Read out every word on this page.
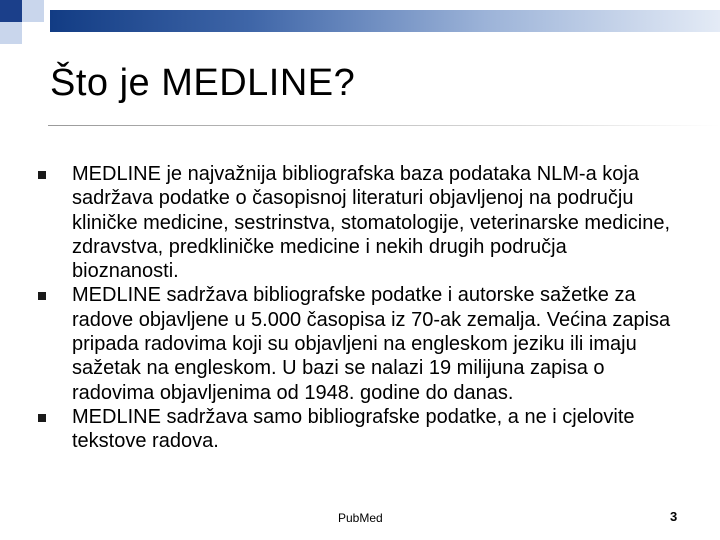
Što je MEDLINE?
MEDLINE je najvažnija bibliografska baza podataka NLM-a koja sadržava podatke o časopisnoj literaturi objavljenoj na području kliničke medicine, sestrinstva, stomatologije, veterinarske medicine, zdravstva, predkliničke medicine i nekih drugih područja bioznanosti.
MEDLINE sadržava bibliografske podatke i autorske sažetke za radove objavljene u 5.000 časopisa iz 70-ak zemalja. Većina zapisa pripada radovima koji su objavljeni na engleskom jeziku ili imaju sažetak na engleskom. U bazi se nalazi 19 milijuna zapisa o radovima objavljenima od 1948. godine do danas.
MEDLINE sadržava samo bibliografske podatke, a ne i cjelovite tekstove radova.
PubMed	3
